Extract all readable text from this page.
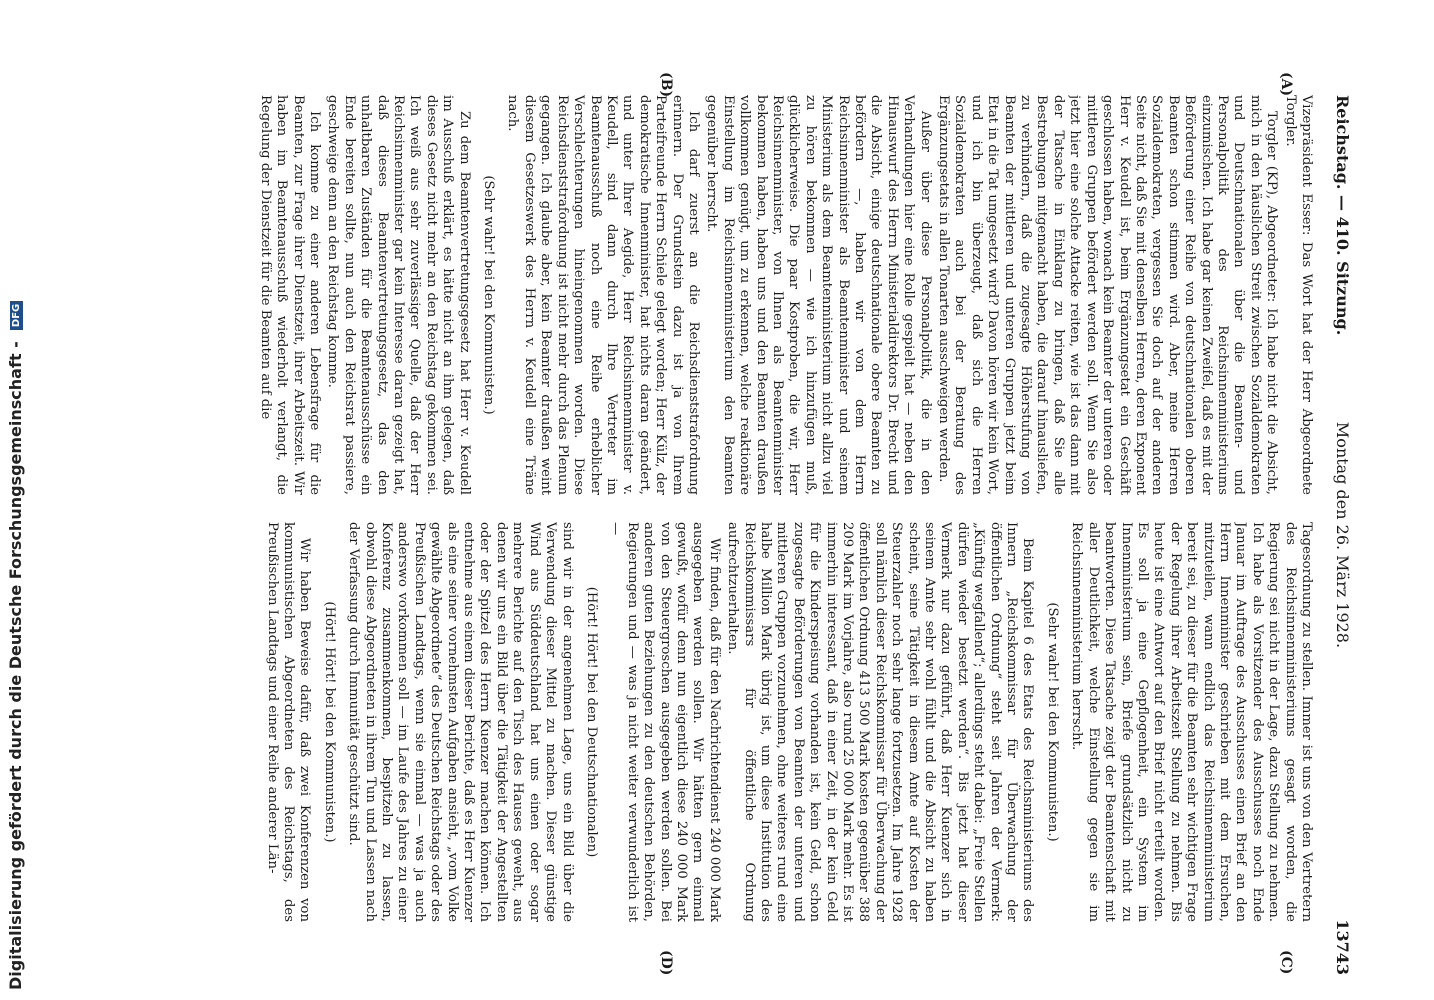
Reichstag. — 410. Sitzung.
Montag den 26. März 1928.
13743
(A)
(B)
(C)
(D)

Vizepräsident Esser: Das Wort hat der Herr Abgeordnete Torgler.

Torgler (KP), Abgeordneter: Ich habe nicht die Absicht, mich in den häuslichen Streit zwischen Sozialdemokraten und Deutschnationalen über die Beamten- und Personalpolitik des Reichsinnenministeriums einzumischen. Ich habe gar keinen Zweifel, daß es mit der Beförderung einer Reihe von deutschnationalen oberen Beamten schon stimmen wird. Aber, meine Herren Sozialdemokraten, vergessen Sie doch auf der anderen Seite nicht, daß Sie mit denselben Herren, deren Exponent Herr v. Keudell ist, beim Ergänzungsetat ein Geschäft geschlossen haben, wonach kein Beamter der unteren oder mittleren Gruppen befördert werden soll. Wenn Sie also jetzt hier eine solche Attacke reiten, wie ist das dann mit der Tatsache in Einklang zu bringen, daß Sie alle Bestrebungen mitgemacht haben, die darauf hinausliefen, zu verhindern, daß die zugesagte Höherstufung von Beamten der mittleren und unteren Gruppen jetzt beim Etat in die Tat umgesetzt wird? Davon hören wir kein Wort, und ich bin überzeugt, daß sich die Herren Sozialdemokraten auch bei der Beratung des Ergänzungsetats in allen Tonarten ausschweigen werden.

Außer über diese Personalpolitik, die in den Verhandlungen hier eine Rolle gespielt hat — neben den Hinauswurf des Herrn Ministerialdirektors Dr. Brecht und die Absicht, einige deutschnationale obere Beamten zu befördern —, haben wir von dem Herrn Reichsinnenminister als Beamtenminister und seinem Ministerium als dem Beamtenministerium nicht allzu viel zu hören bekommen — wie ich hinzufügen muß, glücklicherweise. Die paar Kostproben, die wir, Herr Reichsinnenminister, von Ihnen als Beamtenminister bekommen haben, haben uns und den Beamten draußen vollkommen genügt, um zu erkennen, welche reaktionäre Einstellung im Reichsinnenministerium den Beamten gegenüber herrscht.

Ich darf zuerst an die Reichsdienststrafordnung erinnern. Der Grundstein dazu ist ja von Ihrem Parteifreunde Herrn Schiele gelegt worden; Herr Külz, der demokratische Innenminister, hat nichts daran geändert, und unter Ihrer Aegide, Herr Reichsinnenminister v. Keudell, sind dann durch Ihre Vertreter im Beamtenausschuß noch eine Reihe erheblicher Verschlechterungen hineingenommen worden. Diese Reichsdienststrafordnung ist nicht mehr durch das Plenum gegangen. Ich glaube aber, kein Beamter draußen weint diesem Gesetzeswerk des Herrn v. Keudell eine Träne nach.

(Sehr wahr! bei den Kommunisten.)

Zu dem Beamtenvertretungsgesetz hat Herr v. Keudell im Ausschuß erklärt, es hätte nicht an ihm gelegen, daß dieses Gesetz nicht mehr an den Reichstag gekommen sei. Ich weiß aus sehr zuverlässiger Quelle, daß der Herr Reichsinnenminister gar kein Interesse daran gezeigt hat, daß dieses Beamtenvertretungsgesetz, das den unhaltbaren Zuständen für die Beamtenausschüsse ein Ende bereiten sollte, nun auch den Reichsrat passiere, geschweige denn an den Reichstag komme.

Ich komme zu einer anderen Lebensfrage für die Beamten, zur Frage ihrer Dienstzeit, ihrer Arbeitszeit. Wir haben im Beamtenausschuß wiederholt verlangt, die Regelung der Dienstzeit für die Beamten auf die

Tagesordnung zu stellen. Immer ist uns von den Vertretern des Reichsinnenministeriums gesagt worden, die Regierung sei nicht in der Lage, dazu Stellung zu nehmen. Ich habe als Vorsitzender des Ausschusses noch Ende Januar im Auftrage des Ausschusses einen Brief an den Herrn Innenminister geschrieben mit dem Ersuchen, mitzuteilen, wann endlich das Reichsinnenministerium bereit sei, zu dieser für die Beamten sehr wichtigen Frage der Regelung ihrer Arbeitszeit Stellung zu nehmen. Bis heute ist eine Antwort auf den Brief nicht erteilt worden. Es soll ja eine Gepflogenheit, ein System im Innenministerium sein, Briefe grundsätzlich nicht zu beantworten. Diese Tatsache zeigt der Beamtenschaft mit aller Deutlichkeit, welche Einstellung gegen sie im Reichsinnenministerium herrscht.

(Sehr wahr! bei den Kommunisten.)

Beim Kapitel 6 des Etats des Reichsministeriums des Innern „Reichskommissar für Überwachung der öffentlichen Ordnung“ steht seit Jahren der Vermerk: „Künftig wegfallend“; allerdings steht dabei: „Freie Stellen dürfen wieder besetzt werden“. Bis jetzt hat dieser Vermerk nur dazu geführt, daß Herr Kuenzer sich in seinem Amte sehr wohl fühlt und die Absicht zu haben scheint, seine Tätigkeit in diesem Amte auf Kosten der Steuerzahler noch sehr lange fortzusetzen. Im Jahre 1928 soll nämlich dieser Reichskommissar für Überwachung der öffentlichen Ordnung 413 500 Mark kosten gegenüber 388 209 Mark im Vorjahre, also rund 25 000 Mark mehr. Es ist immerhin interessant, daß in einer Zeit, in der kein Geld für die Kinderspeisung vorhanden ist, kein Geld, schon zugesagte Beförderungen von Beamten der unteren und mittleren Gruppen vorzunehmen, ohne weiteres rund eine halbe Million Mark übrig ist, um diese Institution des Reichskommissars für öffentliche Ordnung aufrechtzuerhalten.

Wir finden, daß für den Nachrichtendienst 240 000 Mark ausgegeben werden sollen. Wir hätten gern einmal gewußt, wofür denn nun eigentlich diese 240 000 Mark von den Steuergroschen ausgegeben werden sollen. Bei anderen guten Beziehungen zu den deutschen Behörden, Regierungen und — was ja nicht weiter verwunderlich ist —

(Hört! Hört! bei den Deutschnationalen)

sind wir in der angenehmen Lage, uns ein Bild über die Verwendung dieser Mittel zu machen. Dieser günstige Wind aus Süddeutschland hat uns einen oder sogar mehrere Berichte auf den Tisch des Hauses geweht, aus denen wir uns ein Bild über die Tätigkeit der Angestellten oder der Spitzel des Herrn Kuenzer machen können. Ich entnehme aus einem dieser Berichte, daß es Herr Kuenzer als eine seiner vornehmsten Aufgaben ansieht, „vom Volke gewählte Abgeordnete“ des Deutschen Reichstags oder des Preußischen Landtags, wenn sie einmal — was ja auch anderswo vorkommen soll — im Laufe des Jahres zu einer Konferenz zusammenkommen, bespitzeln zu lassen, obwohl diese Abgeordneten in ihrem Tun und Lassen nach der Verfassung durch Immunität geschützt sind.

(Hört! Hört! bei den Kommunisten.)

Wir haben Beweise dafür, daß zwei Konferenzen von kommunistischen Abgeordneten des Reichstags, des Preußischen Landtags und einer Reihe anderer Län-

Digitalisierung gefördert durch die Deutsche Forschungsgemeinschaft - DFG
